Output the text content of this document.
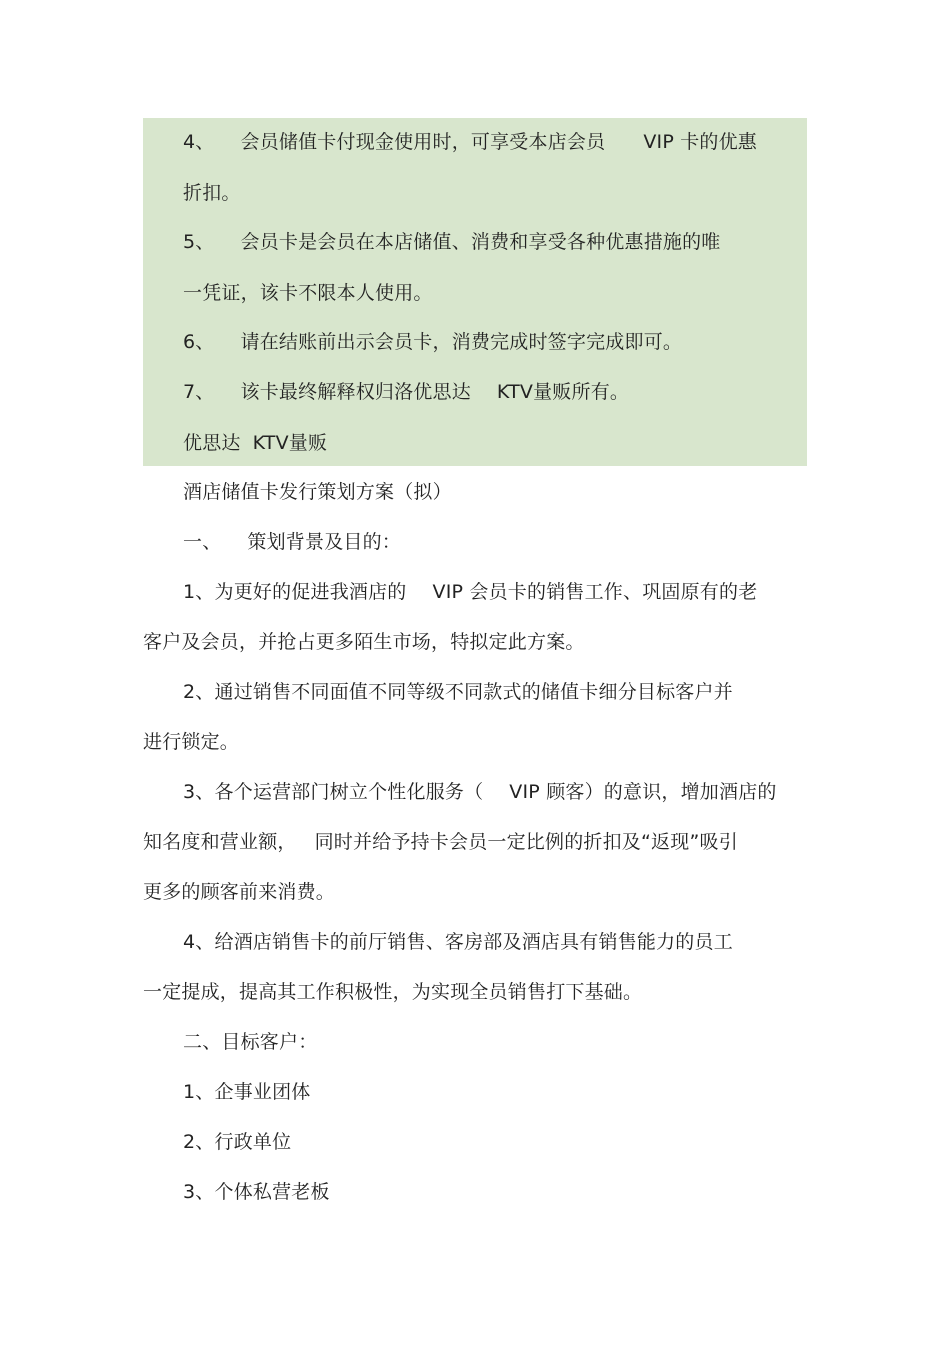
4、 会员储值卡付现金使用时，可享受本店会员 VIP 卡的优惠
折扣。
5、 会员卡是会员在本店储值、消费和享受各种优惠措施的唯
一凭证，该卡不限本人使用。
6、 请在结账前出示会员卡，消费完成时签字完成即可。
7、 该卡最终解释权归洛优思达 KTV量贩所有。
优思达 KTV量贩
酒店储值卡发行策划方案（拟）
一、 策划背景及目的：
1、为更好的促进我酒店的 VIP 会员卡的销售工作、巩固原有的老
客户及会员，并抢占更多陌生市场，特拟定此方案。
2、通过销售不同面值不同等级不同款式的储值卡细分目标客户并
进行锁定。
3、各个运营部门树立个性化服务（ VIP 顾客）的意识，增加酒店的
知名度和营业额， 同时并给予持卡会员一定比例的折扣及“返现”吸引
更多的顾客前来消费。
4、给酒店销售卡的前厅销售、客房部及酒店具有销售能力的员工
一定提成，提高其工作积极性，为实现全员销售打下基础。
二、目标客户：
1、企事业团体
2、行政单位
3、个体私营老板
